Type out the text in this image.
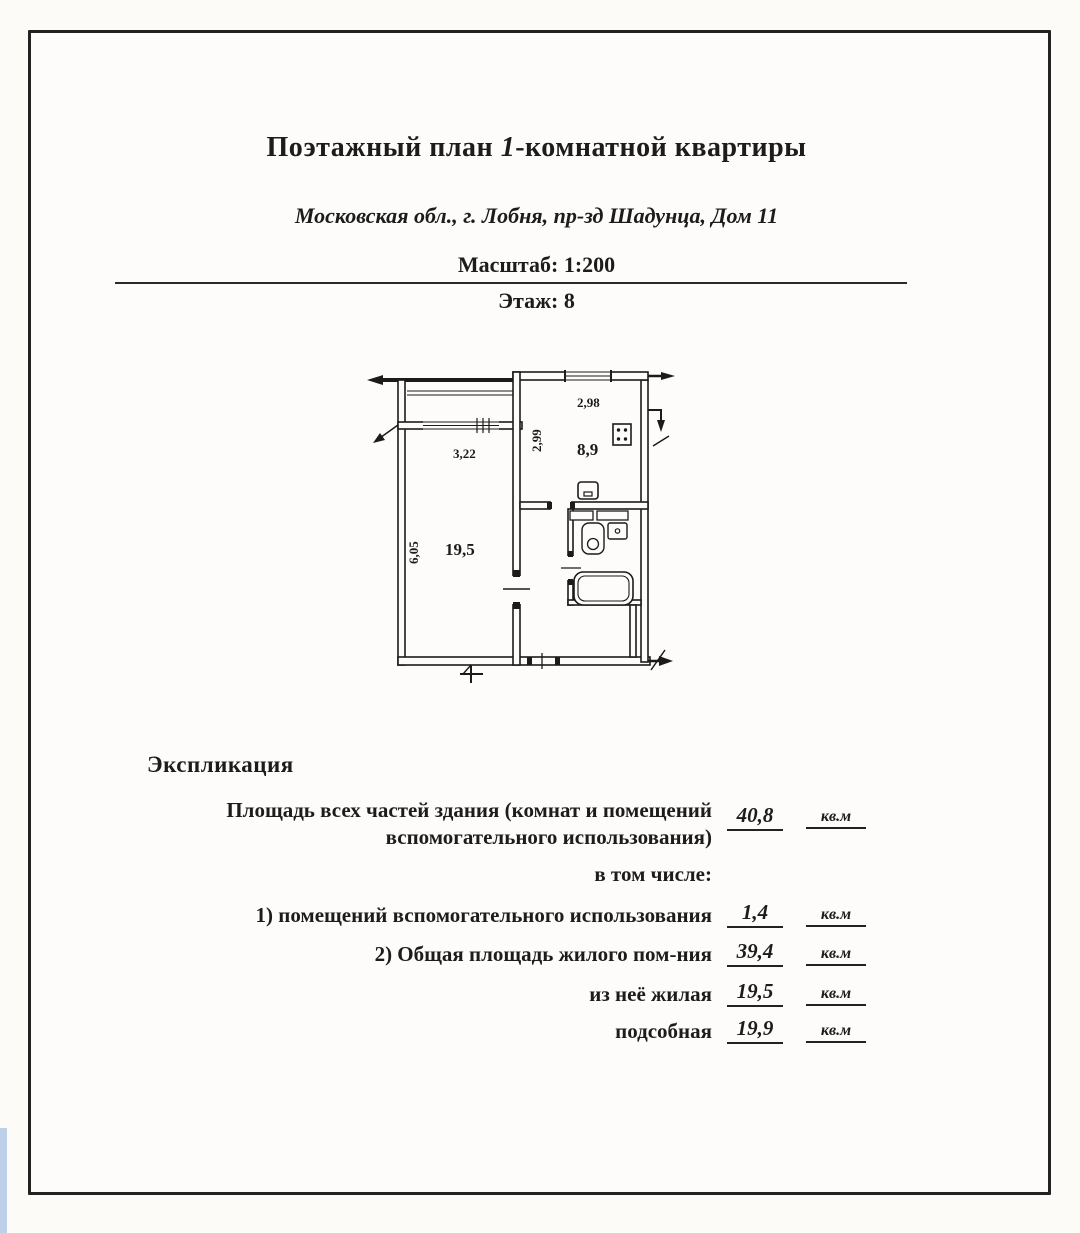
Поэтажный план 1-комнатной квартиры
Московская обл., г. Лобня, пр-зд Шадунца, Дом 11
Масштаб: 1:200
Этаж: 8
2,98
2,99 8,9
3,22
6,05 19,5
Экспликация
Площадь всех частей здания (комнат и помещений вспомогательного использования)
40,8	кв.м
в том числе:
1) помещений вспомогательного использования	1,4	кв.м
2) Общая площадь жилого пом-ния	39,4	кв.м
из неё жилая	19,5	кв.м
подсобная	19,9	кв.м
